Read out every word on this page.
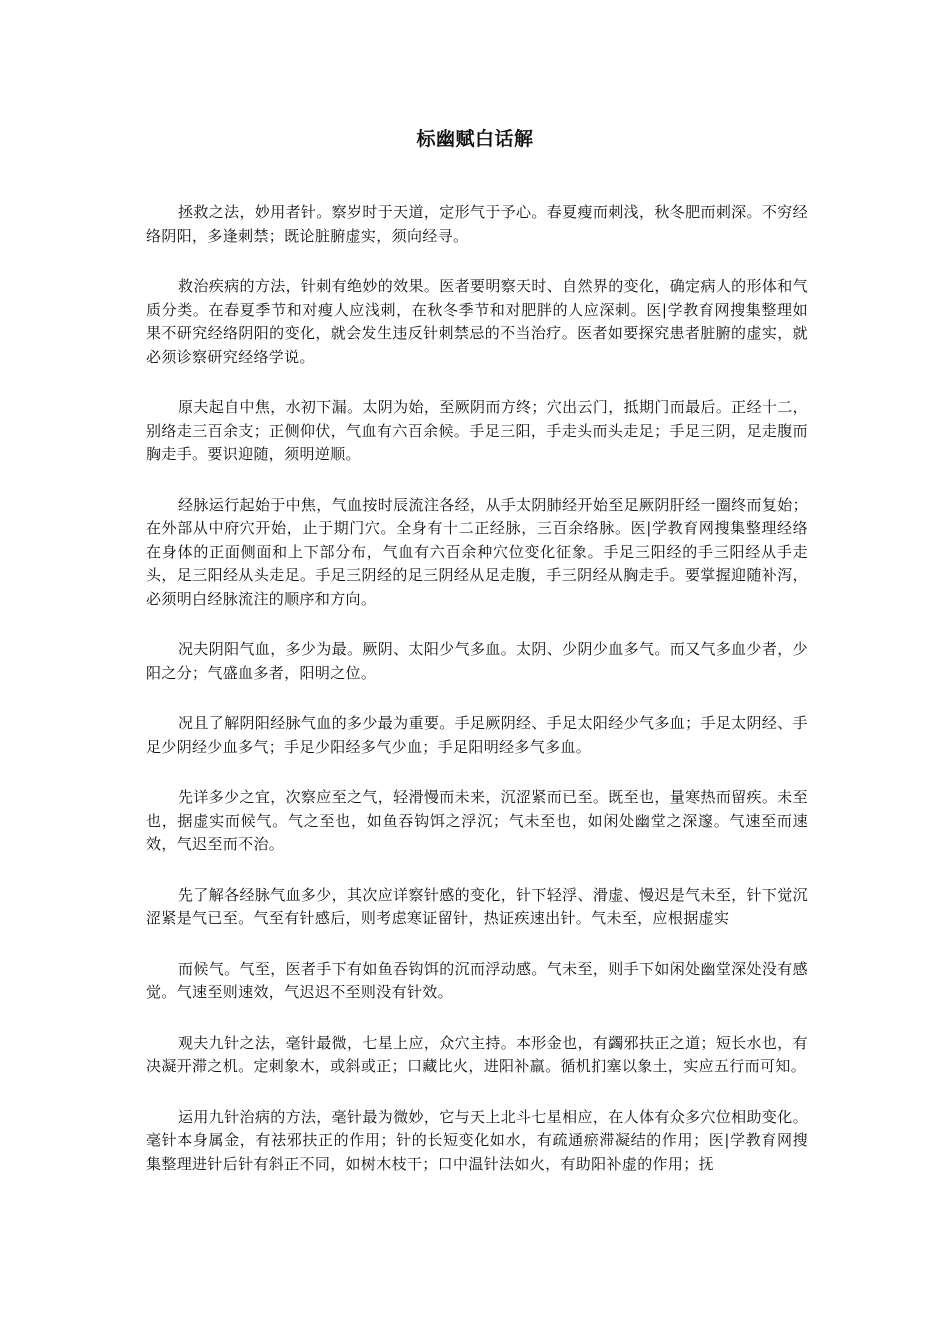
标幽赋白话解

拯救之法，妙用者针。察岁时于天道，定形气于予心。春夏瘦而刺浅，秋冬肥而刺深。不穷经络阴阳，多逢刺禁；既论脏腑虚实，须向经寻。

救治疾病的方法，针刺有绝妙的效果。医者要明察天时、自然界的变化，确定病人的形体和气质分类。在春夏季节和对瘦人应浅刺，在秋冬季节和对肥胖的人应深刺。医|学教育网搜集整理如果不研究经络阴阳的变化，就会发生违反针刺禁忌的不当治疗。医者如要探究患者脏腑的虚实，就必须诊察研究经络学说。

原夫起自中焦，水初下漏。太阴为始，至厥阴而方终；穴出云门，抵期门而最后。正经十二，别络走三百余支；正侧仰伏，气血有六百余候。手足三阳，手走头而头走足；手足三阴，足走腹而胸走手。要识迎随，须明逆顺。

经脉运行起始于中焦，气血按时辰流注各经，从手太阴肺经开始至足厥阴肝经一圈终而复始；在外部从中府穴开始，止于期门穴。全身有十二正经脉，三百余络脉。医|学教育网搜集整理经络在身体的正面侧面和上下部分布，气血有六百余种穴位变化征象。手足三阳经的手三阳经从手走头，足三阳经从头走足。手足三阴经的足三阴经从足走腹，手三阴经从胸走手。要掌握迎随补泻，必须明白经脉流注的顺序和方向。

况夫阴阳气血，多少为最。厥阴、太阳少气多血。太阴、少阴少血多气。而又气多血少者，少阳之分；气盛血多者，阳明之位。

况且了解阴阳经脉气血的多少最为重要。手足厥阴经、手足太阳经少气多血；手足太阴经、手足少阴经少血多气；手足少阳经多气少血；手足阳明经多气多血。

先详多少之宜，次察应至之气，轻滑慢而未来，沉涩紧而已至。既至也，量寒热而留疾。未至也，据虚实而候气。气之至也，如鱼吞钩饵之浮沉；气未至也，如闲处幽堂之深邃。气速至而速效，气迟至而不治。

先了解各经脉气血多少，其次应详察针感的变化，针下轻浮、滑虚、慢迟是气未至，针下觉沉涩紧是气已至。气至有针感后，则考虑寒证留针，热证疾速出针。气未至，应根据虚实

而候气。气至，医者手下有如鱼吞钩饵的沉而浮动感。气未至，则手下如闲处幽堂深处没有感觉。气速至则速效，气迟迟不至则没有针效。

观夫九针之法，毫针最微，七星上应，众穴主持。本形金也，有蠲邪扶正之道；短长水也，有决凝开滞之机。定刺象木，或斜或正；口藏比火，进阳补羸。循机扪塞以象土，实应五行而可知。

运用九针治病的方法，毫针最为微妙，它与天上北斗七星相应，在人体有众多穴位相助变化。毫针本身属金，有祛邪扶正的作用；针的长短变化如水，有疏通瘀滞凝结的作用；医|学教育网搜集整理进针后针有斜正不同，如树木枝干；口中温针法如火，有助阳补虚的作用；抚
